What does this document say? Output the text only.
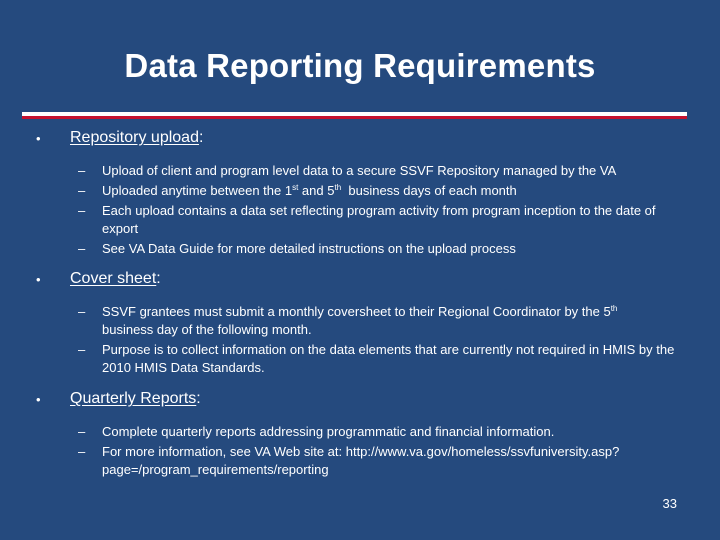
Data Reporting Requirements
• Repository upload:
– Upload of client and program level data to a secure SSVF Repository managed by the VA
– Uploaded anytime between the 1st and 5th  business days of each month
– Each upload contains a data set reflecting program activity from program inception to the date of export
– See VA Data Guide for more detailed instructions on the upload process
• Cover sheet:
– SSVF grantees must submit a monthly coversheet to their Regional Coordinator by the 5th business day of the following month.
– Purpose is to collect information on the data elements that are currently not required in HMIS by the 2010 HMIS Data Standards.
• Quarterly Reports:
– Complete quarterly reports addressing programmatic and financial information.
– For more information, see VA Web site at: http://www.va.gov/homeless/ssvfuniversity.asp?page=/program_requirements/reporting
33
